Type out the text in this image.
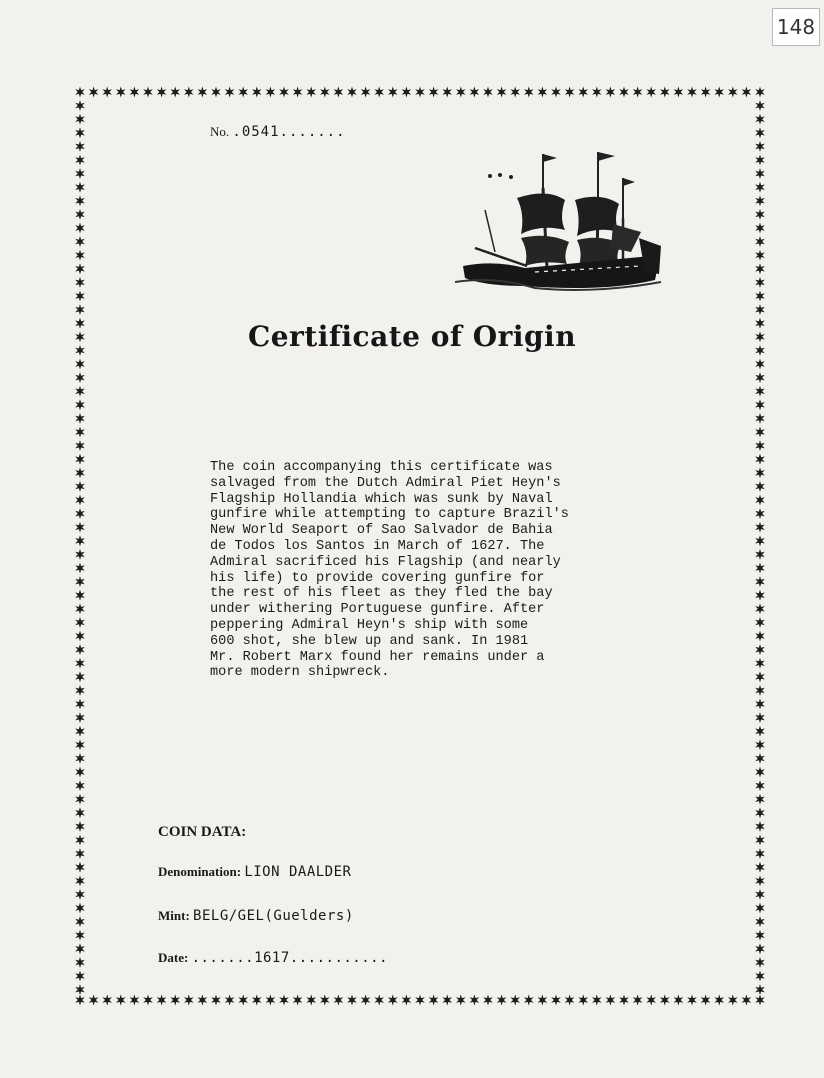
148
No. .0541.......
Certificate of Origin
The coin accompanying this certificate was
salvaged from the Dutch Admiral Piet Heyn's
Flagship Hollandia which was sunk by Naval
gunfire while attempting to capture Brazil's
New World Seaport of Sao Salvador de Bahia
de Todos los Santos in March of 1627. The
Admiral sacrificed his Flagship (and nearly
his life) to provide covering gunfire for
the rest of his fleet as they fled the bay
under withering Portuguese gunfire. After
peppering Admiral Heyn's ship with some
600 shot, she blew up and sank. In 1981
Mr. Robert Marx found her remains under a
more modern shipwreck.
COIN DATA:
Denomination: LION DAALDER
Mint: BELG/GEL(Guelders)
Date: .......1617...........
